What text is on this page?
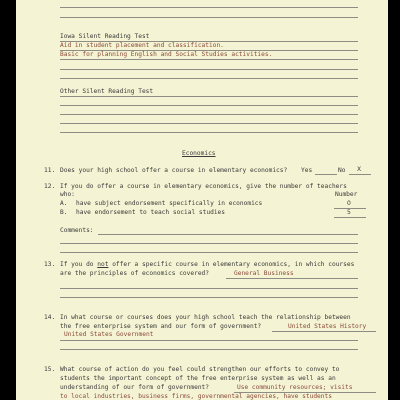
Iowa Silent Reading Test
Aid in student placement and classification.
Basic for planning English and Social Studies activities.
Other Silent Reading Test
Economics
11. Does your high school offer a course in elementary economics? Yes	No X
12. If you do offer a course in elementary economics, give the number of teachers
who:	Number
A. have subject endorsement specifically in economics	0
B. have endorsement to teach social studies	5
Comments:
13. If you do not offer a specific course in elementary economics, in which courses
are the principles of economics covered?	General Business
14. In what course or courses does your high school teach the relationship between
the free enterprise system and our form of government?	United States History
United States Government
15. What course of action do you feel could strengthen our efforts to convey to
students the important concept of the free enterprise system as well as an
understanding of our form of government?	Use community resources; visits
to local industries, business firms, governmental agencies, have students
